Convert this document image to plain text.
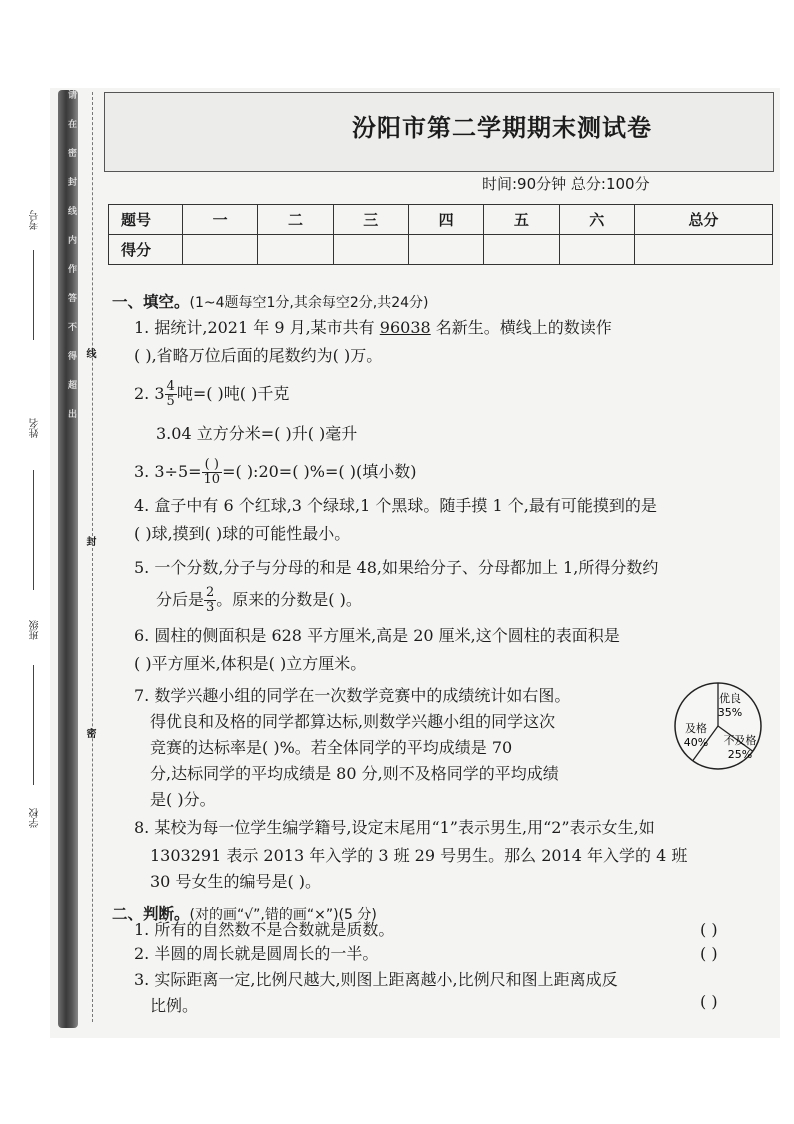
请在密封线内作答不得超出
考号
姓名
班级
学校
线
封
密
汾阳市第二学期期末测试卷
时间:90分钟 总分:100分
题号	一	二	三	四	五	六	总分
得分							
一、填空。(1~4题每空1分,其余每空2分,共24分)
1. 据统计,2021 年 9 月,某市共有 96038 名新生。横线上的数读作
( ),省略万位后面的尾数约为( )万。
2. $3 \frac{4}{5}$ 吨=( )吨( )千克
3.04 立方分米=( )升( )毫升
3. $3\div 5= \frac{( )}{10}$ =( ):20=( )%=( )(填小数)
4. 盒子中有 6 个红球,3 个绿球,1 个黑球。随手摸 1 个,最有可能摸到的是
( )球,摸到( )球的可能性最小。
5. 一个分数,分子与分母的和是 48,如果给分子、分母都加上 1,所得分数约
分后是 $\frac{2}{3}$ 。原来的分数是( )。
6. 圆柱的侧面积是 628 平方厘米,高是 20 厘米,这个圆柱的表面积是
( )平方厘米,体积是( )立方厘米。
7. 数学兴趣小组的同学在一次数学竞赛中的成绩统计如右图。
得优良和及格的同学都算达标,则数学兴趣小组的同学这次
竞赛的达标率是( )%。若全体同学的平均成绩是 70
分,达标同学的平均成绩是 80 分,则不及格同学的平均成绩
是( )分。
优良
35%
及格
40% 不及格
25%
8. 某校为每一位学生编学籍号,设定末尾用“1”表示男生,用“2”表示女生,如
1303291 表示 2013 年入学的 3 班 29 号男生。那么 2014 年入学的 4 班
30 号女生的编号是( )。
二、判断。(对的画“√”,错的画“×”)(5 分)
1. 所有的自然数不是合数就是质数。	( )
2. 半圆的周长就是圆周长的一半。	( )
3. 实际距离一定,比例尺越大,则图上距离越小,比例尺和图上距离成反
比例。	( )
